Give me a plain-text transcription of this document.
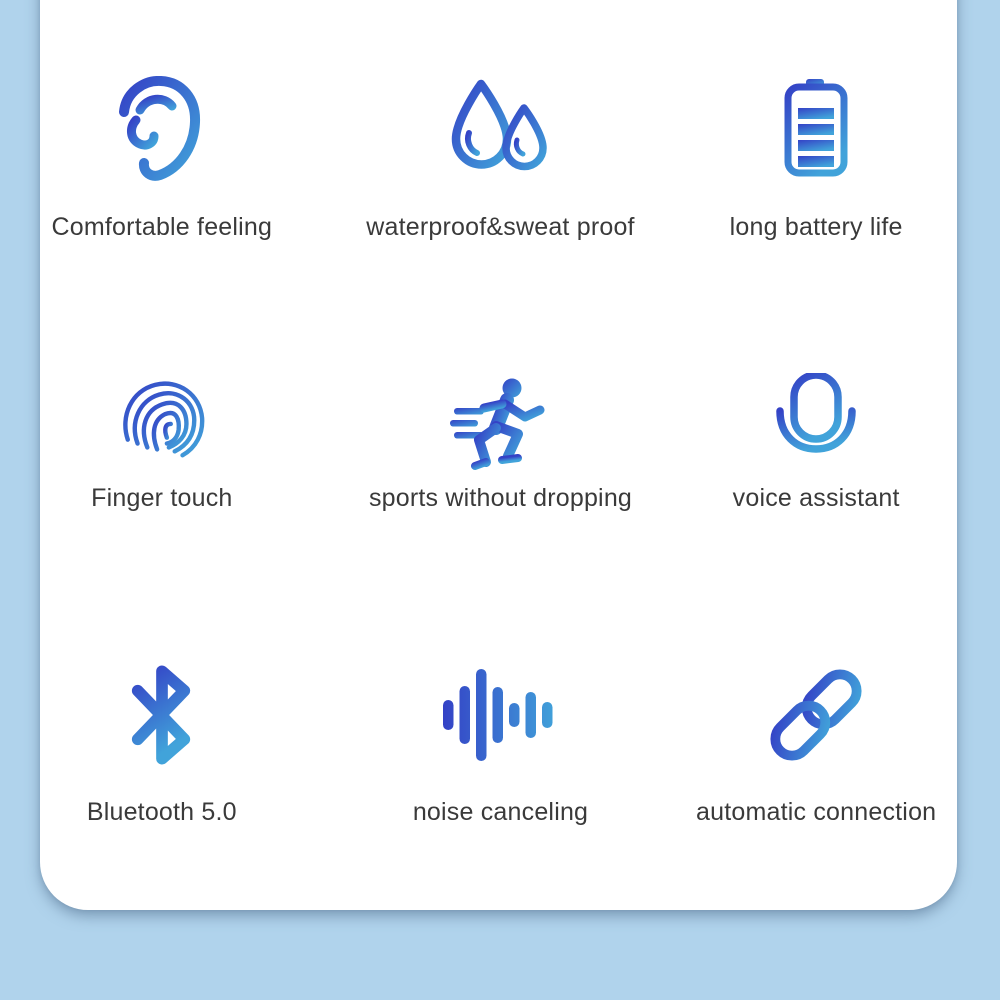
Comfortable feeling	waterproof&sweat proof	long battery life
Finger touch	sports without dropping	voice assistant
Bluetooth 5.0	noise canceling	automatic connection
